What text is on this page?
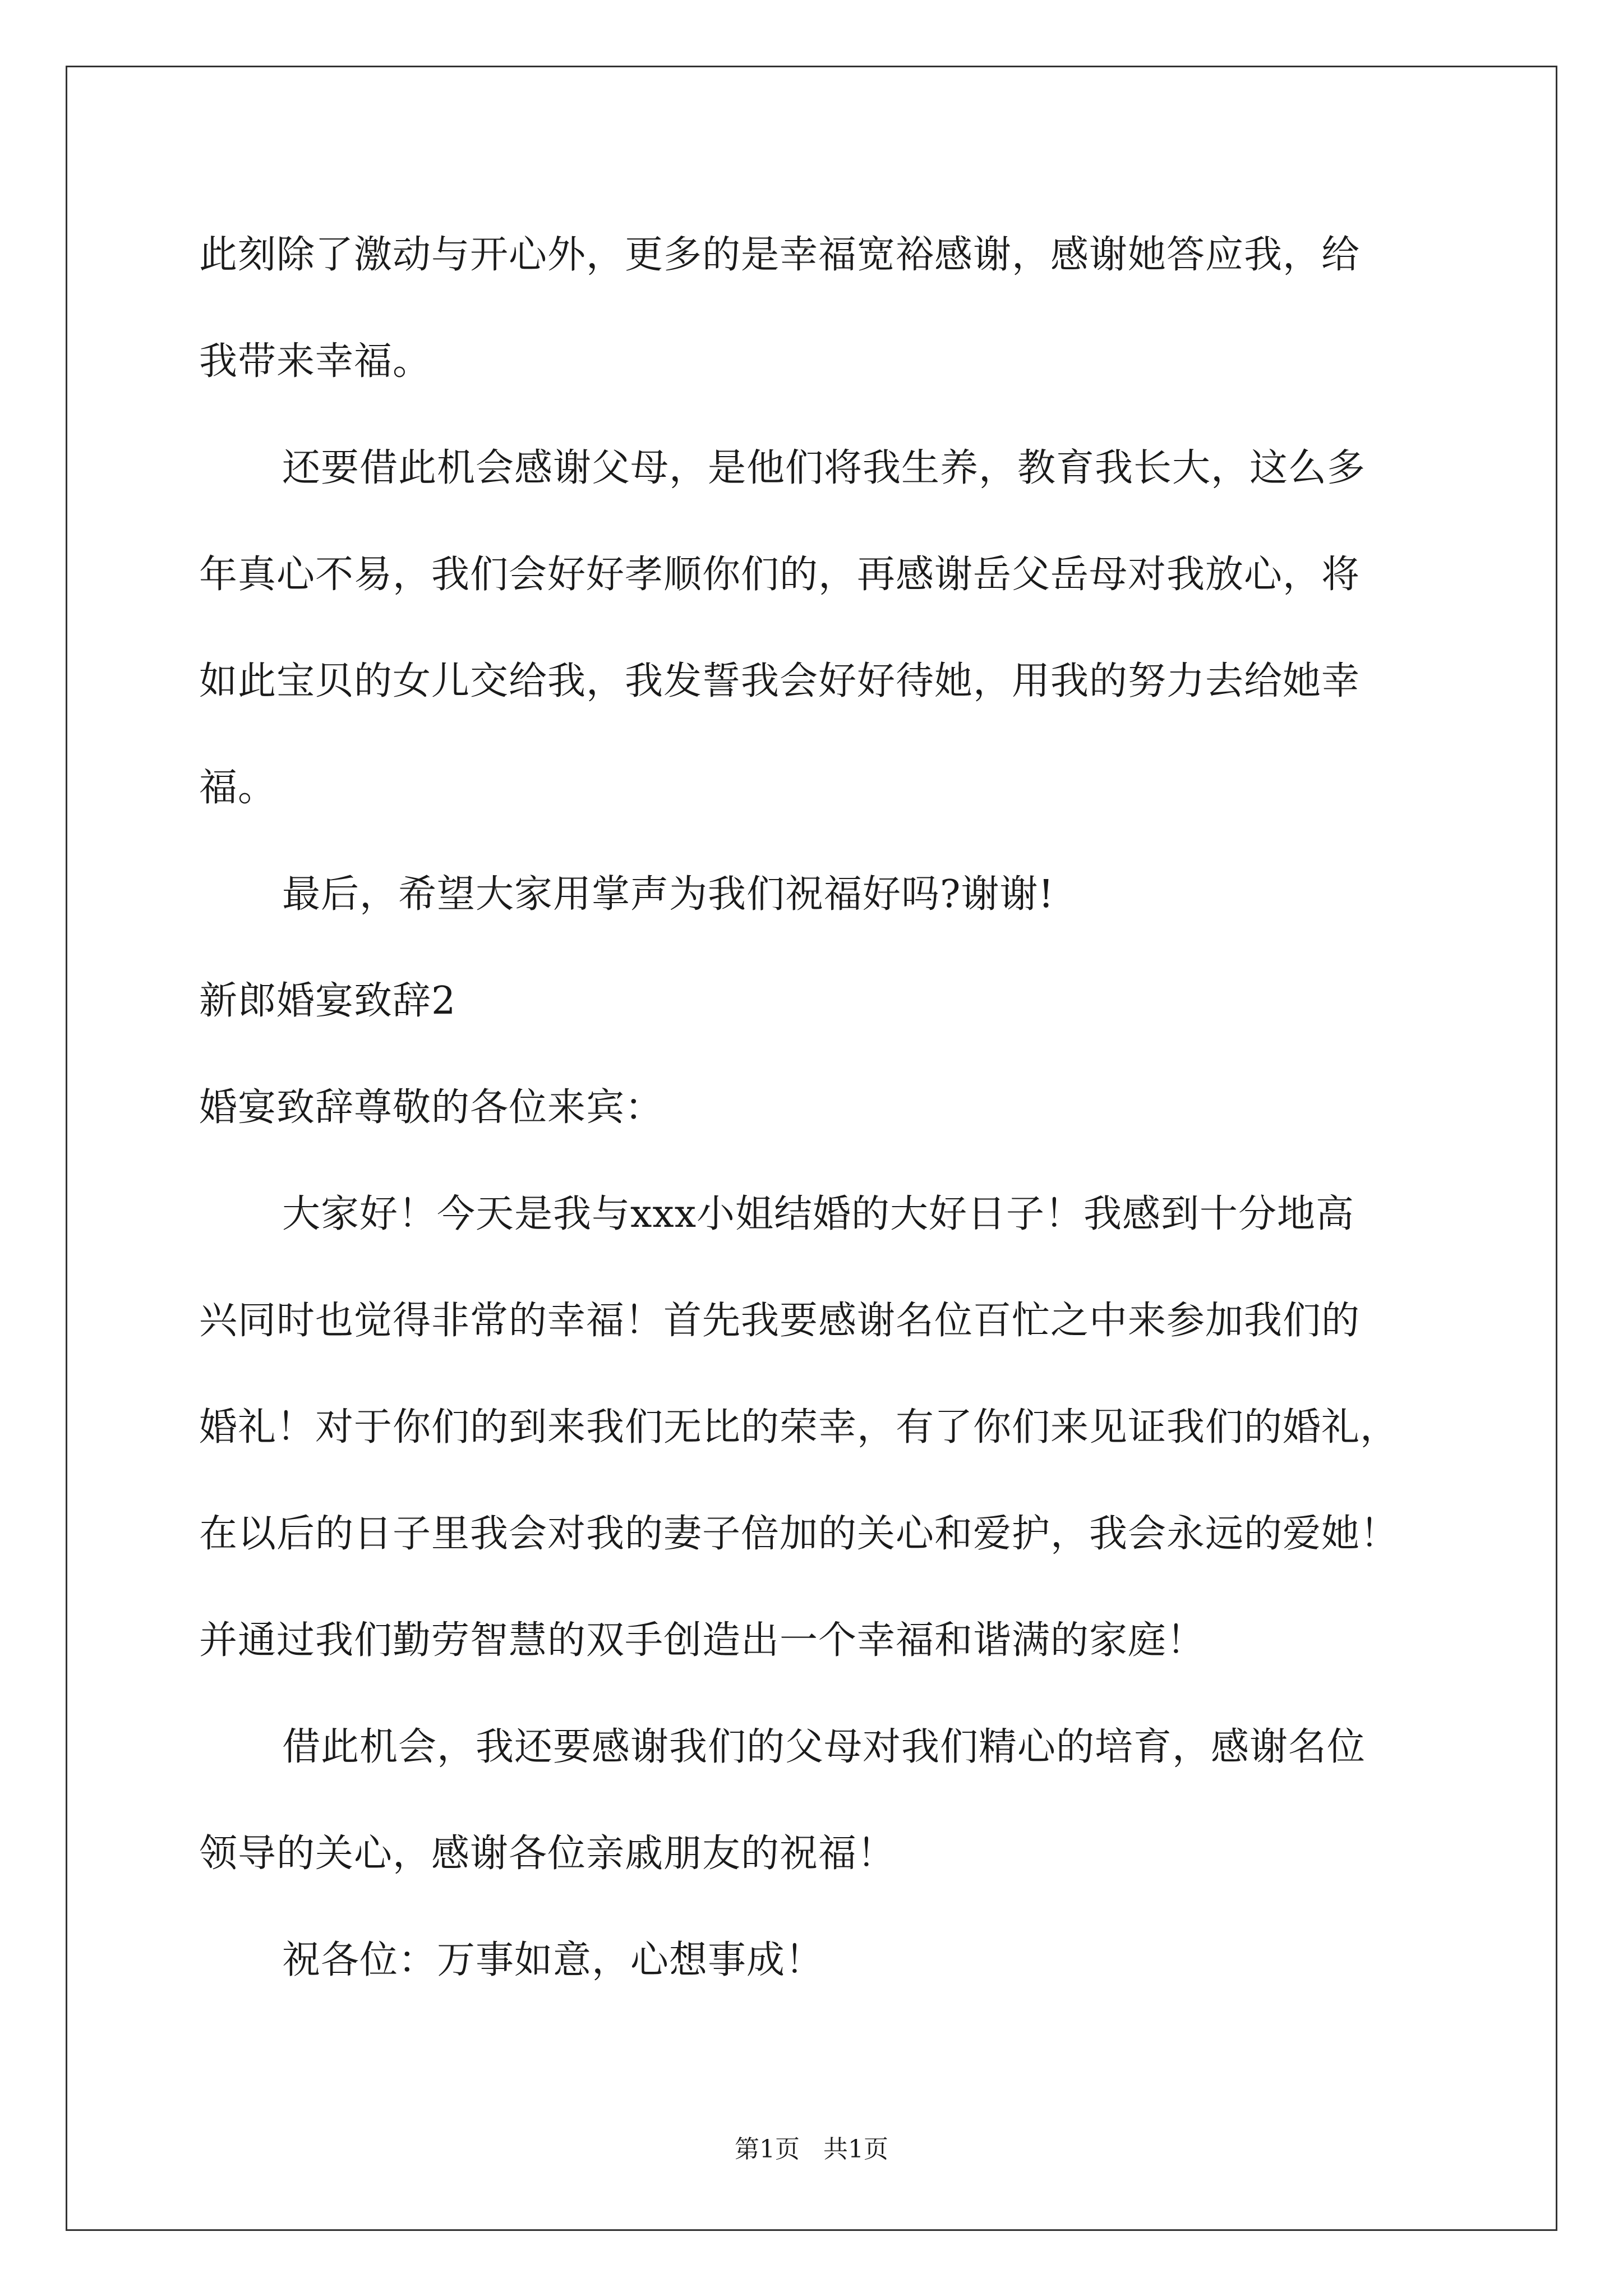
此刻除了激动与开心外，更多的是幸福宽裕感谢，感谢她答应我，给
我带来幸福。
还要借此机会感谢父母，是他们将我生养，教育我长大，这么多
年真心不易，我们会好好孝顺你们的，再感谢岳父岳母对我放心，将
如此宝贝的女儿交给我，我发誓我会好好待她，用我的努力去给她幸
福。
最后，希望大家用掌声为我们祝福好吗?谢谢!
新郎婚宴致辞2
婚宴致辞尊敬的各位来宾：
大家好！今天是我与xxx小姐结婚的大好日子！我感到十分地高
兴同时也觉得非常的幸福！首先我要感谢名位百忙之中来参加我们的
婚礼！对于你们的到来我们无比的荣幸，有了你们来见证我们的婚礼，
在以后的日子里我会对我的妻子倍加的关心和爱护，我会永远的爱她！
并通过我们勤劳智慧的双手创造出一个幸福和谐满的家庭！
借此机会，我还要感谢我们的父母对我们精心的培育，感谢名位
领导的关心，感谢各位亲戚朋友的祝福！
祝各位：万事如意，心想事成！
第1页   共1页
